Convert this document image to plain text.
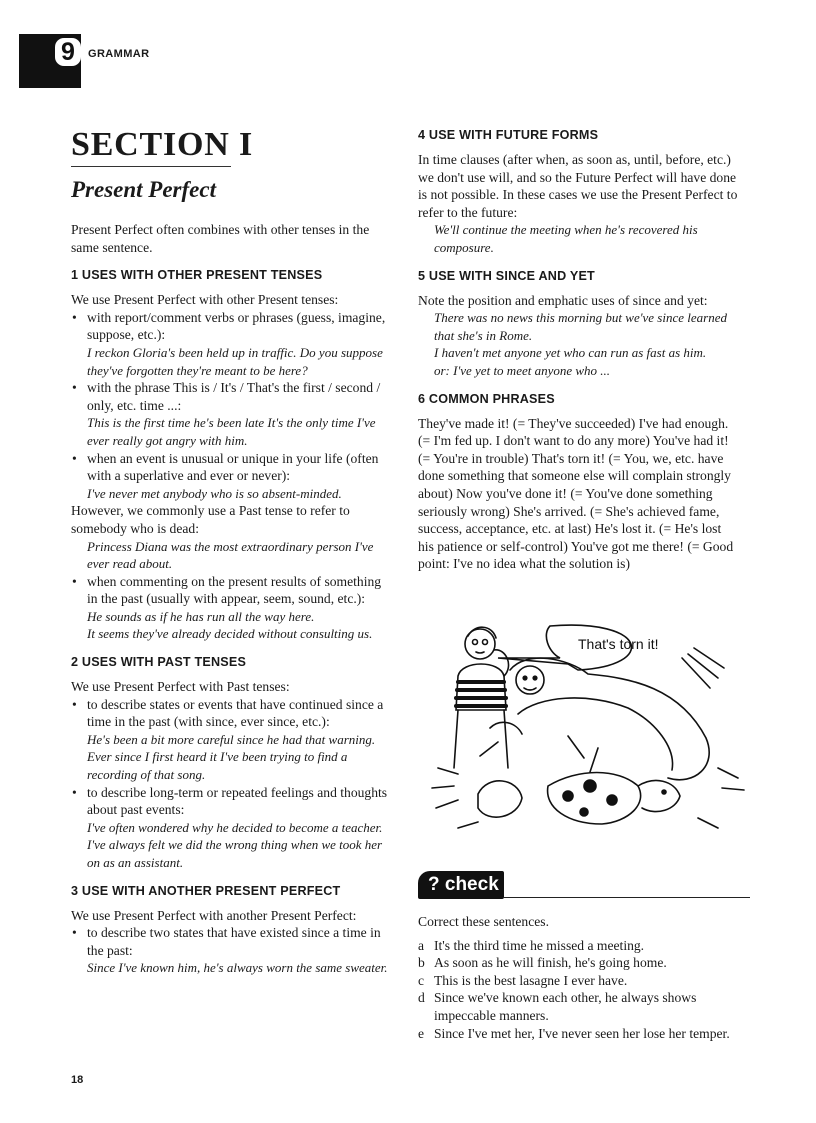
9	GRAMMAR
SECTION I
Present Perfect

Present Perfect often combines with other tenses in the same sentence.

1 USES WITH OTHER PRESENT TENSES

We use Present Perfect with other Present tenses:

• with report/comment verbs or phrases (guess, imagine, suppose, etc.):
I reckon Gloria's been held up in traffic. Do you suppose they've forgotten they're meant to be here?
• with the phrase This is / It's / That's the first / second / only, etc. time ...:
This is the first time he's been late It's the only time I've ever really got angry with him.
• when an event is unusual or unique in your life (often with a superlative and ever or never):
I've never met anybody who is so absent-minded.

However, we commonly use a Past tense to refer to somebody who is dead:

Princess Diana was the most extraordinary person I've ever read about.

• when commenting on the present results of something in the past (usually with appear, seem, sound, etc.):
He sounds as if he has run all the way here.
It seems they've already decided without consulting us.
2 USES WITH PAST TENSES

We use Present Perfect with Past tenses:

• to describe states or events that have continued since a time in the past (with since, ever since, etc.):
He's been a bit more careful since he had that warning. Ever since I first heard it I've been trying to find a recording of that song.
• to describe long-term or repeated feelings and thoughts about past events:
I've often wondered why he decided to become a teacher. I've always felt we did the wrong thing when we took her on as an assistant.
3 USE WITH ANOTHER PRESENT PERFECT

We use Present Perfect with another Present Perfect:

• to describe two states that have existed since a time in the past:
Since I've known him, he's always worn the same sweater.
4 USE WITH FUTURE FORMS

In time clauses (after when, as soon as, until, before, etc.) we don't use will, and so the Future Perfect will have done is not possible. In these cases we use the Present Perfect to refer to the future:

We'll continue the meeting when he's recovered his composure.

5 USE WITH SINCE AND YET

Note the position and emphatic uses of since and yet:

There was no news this morning but we've since learned that she's in Rome.

I haven't met anyone yet who can run as fast as him.

or: I've yet to meet anyone who ...

6 COMMON PHRASES

They've made it! (= They've succeeded) I've had enough. (= I'm fed up. I don't want to do any more) You've had it! (= You're in trouble) That's torn it! (= You, we, etc. have done something that someone else will complain strongly about) Now you've done it! (= You've done something seriously wrong) She's arrived. (= She's achieved fame, success, acceptance, etc. at last) He's lost it. (= He's lost his patience or self-control) You've got me there! (= Good point: I've no idea what the solution is)

That's torn it!
? check

Correct these sentences.

a It's the third time he missed a meeting.
b As soon as he will finish, he's going home.
c This is the best lasagne I ever have.
d Since we've known each other, he always shows impeccable manners.
e Since I've met her, I've never seen her lose her temper.
18
